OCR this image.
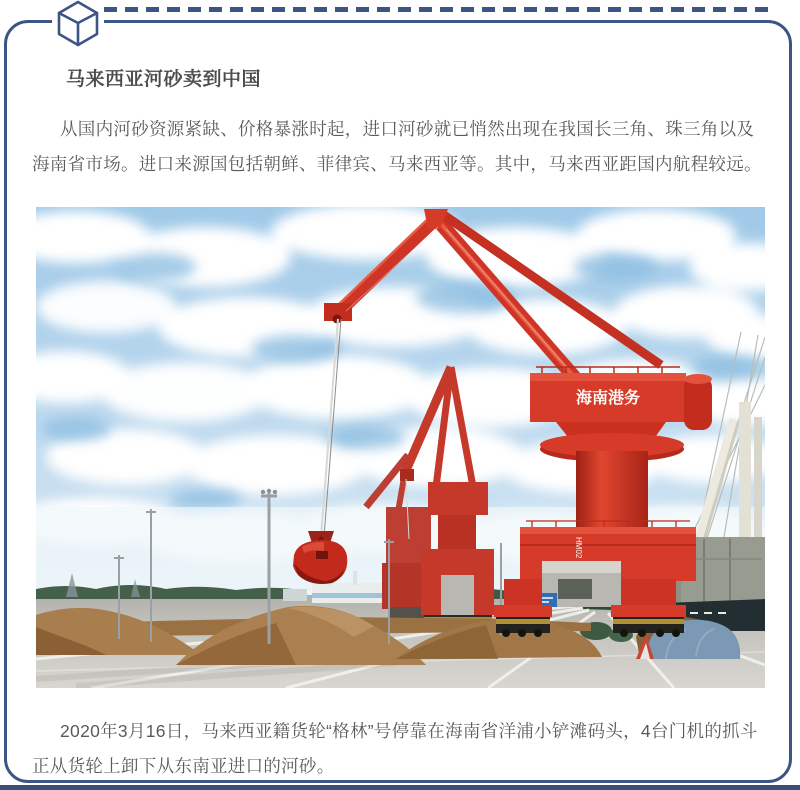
马来西亚河砂卖到中国

从国内河砂资源紧缺、价格暴涨时起，进口河砂就已悄然出现在我国长三角、珠三角以及海南省市场。进口来源国包括朝鲜、菲律宾、马来西亚等。其中，马来西亚距国内航程较远。

海南港务
HM02

2020年3月16日，马来西亚籍货轮“格林”号停靠在海南省洋浦小铲滩码头，4台门机的抓斗正从货轮上卸下从东南亚进口的河砂。
